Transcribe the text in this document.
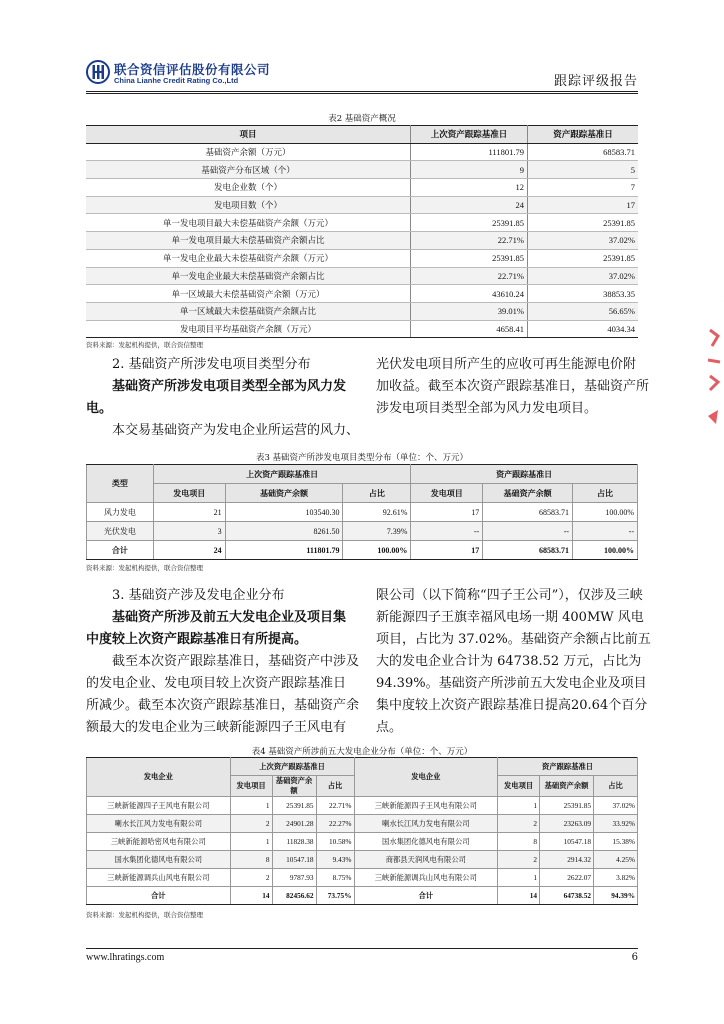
联合资信评估股份有限公司
China Lianhe Credit Rating Co.,Ltd	跟踪评级报告
表2 基础资产概况
项目	上次资产跟踪基准日	资产跟踪基准日
基础资产余额（万元）	111801.79	68583.71
基础资产分布区域（个）	9	5
发电企业数（个）	12	7
发电项目数（个）	24	17
单一发电项目最大未偿基础资产余额（万元）	25391.85	25391.85
单一发电项目最大未偿基础资产余额占比	22.71%	37.02%
单一发电企业最大未偿基础资产余额（万元）	25391.85	25391.85
单一发电企业最大未偿基础资产余额占比	22.71%	37.02%
单一区域最大未偿基础资产余额（万元）	43610.24	38853.35
单一区域最大未偿基础资产余额占比	39.01%	56.65%
发电项目平均基础资产余额（万元）	4658.41	4034.34
资料来源：发起机构提供，联合资信整理
2. 基础资产所涉发电项目类型分布
基础资产所涉发电项目类型全部为风力发
电。
本交易基础资产为发电企业所运营的风力、
光伏发电项目所产生的应收可再生能源电价附
加收益。截至本次资产跟踪基准日，基础资产所
涉发电项目类型全部为风力发电项目。
表3 基础资产所涉发电项目类型分布（单位：个、万元）
类型	上次资产跟踪基准日			资产跟踪基准日		
	发电项目	基础资产余额	占比	发电项目	基础资产余额	占比
风力发电	21	103540.30	92.61%	17	68583.71	100.00%
光伏发电	3	8261.50	7.39%	--	--	--
合计	24	111801.79	100.00%	17	68583.71	100.00%
资料来源：发起机构提供，联合资信整理
3. 基础资产涉及发电企业分布
基础资产所涉及前五大发电企业及项目集
中度较上次资产跟踪基准日有所提高。
截至本次资产跟踪基准日，基础资产中涉及
的发电企业、发电项目较上次资产跟踪基准日
所减少。截至本次资产跟踪基准日，基础资产余
额最大的发电企业为三峡新能源四子王风电有
限公司（以下简称“四子王公司”），仅涉及三峡
新能源四子王旗幸福风电场一期 400MW 风电
项目，占比为 37.02%。基础资产余额占比前五
大的发电企业合计为 64738.52 万元，占比为
94.39%。基础资产所涉前五大发电企业及项目
集中度较上次资产跟踪基准日提高20.64个百分
点。
表4 基础资产所涉前五大发电企业分布（单位：个、万元）
发电企业	上次资产跟踪基准日			发电企业	资产跟踪基准日		
	发电项目	基础资产余额	占比		发电项目	基础资产余额	占比
三峡新能源四子王风电有限公司	1	25391.85	22.71%	三峡新能源四子王风电有限公司	1	25391.85	37.02%
喇水长江风力发电有限公司	2	24901.28	22.27%	喇水长江风力发电有限公司	2	23263.09	33.92%
三峡新能源哈密风电有限公司	1	11828.38	10.58%	国水集团化德风电有限公司	8	10547.18	15.38%
国水集团化德风电有限公司	8	10547.18	9.43%	商都县天润风电有限公司	2	2914.32	4.25%
三峡新能源调兵山风电有限公司	2	9787.93	8.75%	三峡新能源调兵山风电有限公司	1	2622.07	3.82%
合计	14	82456.62	73.75%	合计	14	64738.52	94.39%
资料来源：发起机构提供，联合资信整理
www.lhratings.com	6
